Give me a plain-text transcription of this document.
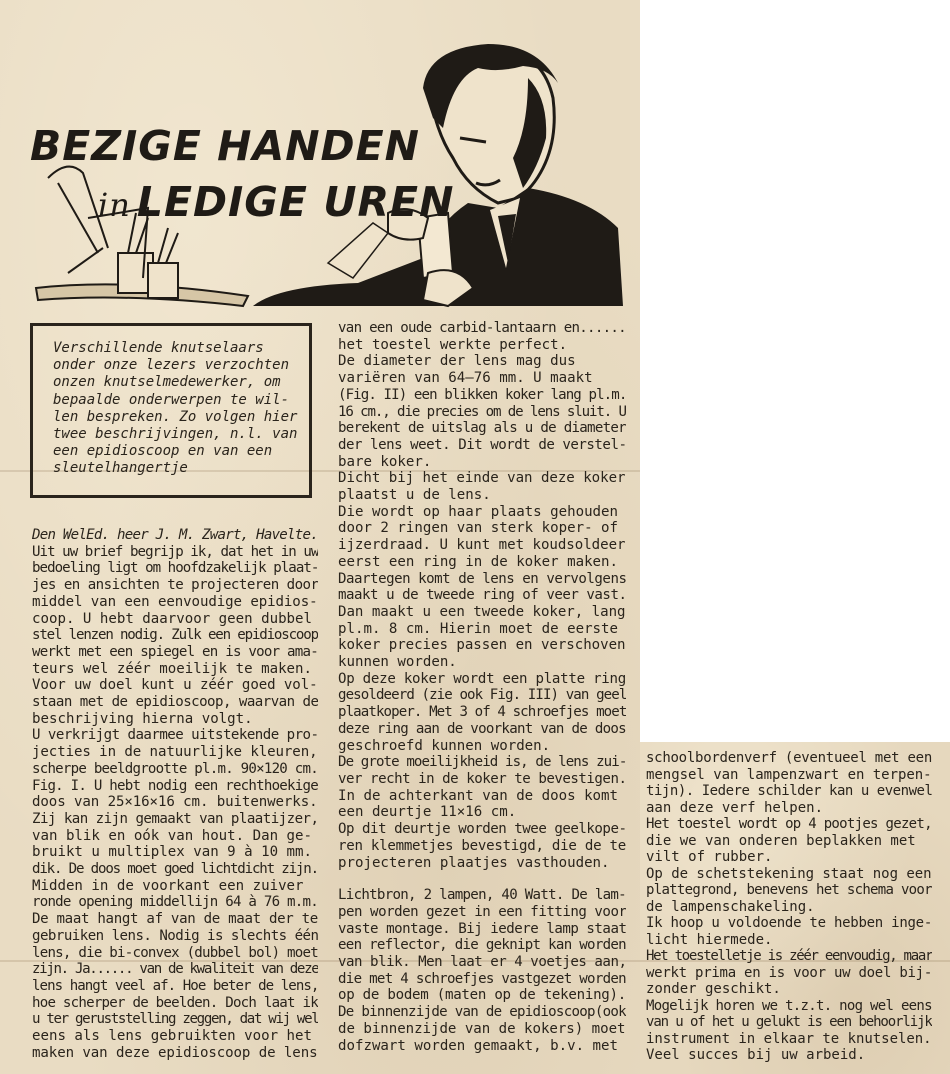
BEZIGE HANDEN
in LEDIGE UREN
Verschillende knutselaars
onder onze lezers verzochten
onzen knutselmedewerker, om
bepaalde onderwerpen te wil-
len bespreken. Zo volgen hier
twee beschrijvingen, n.l. van
een epidioscoop en van een
sleutelhangertje
Den WelEd. heer J. M. Zwart, Havelte.
Uit uw brief begrijp ik, dat het in uw
bedoeling ligt om hoofdzakelijk plaat-
jes en ansichten te projecteren door
middel van een eenvoudige epidios-
coop. U hebt daarvoor geen dubbel
stel lenzen nodig. Zulk een epidioscoop
werkt met een spiegel en is voor ama-
teurs wel zéér moeilijk te maken.
Voor uw doel kunt u zéér goed vol-
staan met de epidioscoop, waarvan de
beschrijving hierna volgt.
U verkrijgt daarmee uitstekende pro-
jecties in de natuurlijke kleuren,
scherpe beeldgrootte pl.m. 90×120 cm.
Fig. I. U hebt nodig een rechthoekige
doos van 25×16×16 cm. buitenwerks.
Zij kan zijn gemaakt van plaatijzer,
van blik en oók van hout. Dan ge-
bruikt u multiplex van 9 à 10 mm.
dik. De doos moet goed lichtdicht zijn.
Midden in de voorkant een zuiver
ronde opening middellijn 64 à 76 m.m.
De maat hangt af van de maat der te
gebruiken lens. Nodig is slechts één
lens, die bi-convex (dubbel bol) moet
zijn. Ja...... van de kwaliteit van deze
lens hangt veel af. Hoe beter de lens,
hoe scherper de beelden. Doch laat ik
u ter geruststelling zeggen, dat wij wel
eens als lens gebruikten voor het
maken van deze epidioscoop de lens
van een oude carbid-lantaarn en......
het toestel werkte perfect.
De diameter der lens mag dus
variëren van 64—76 mm. U maakt
(Fig. II) een blikken koker lang pl.m.
16 cm., die precies om de lens sluit. U
berekent de uitslag als u de diameter
der lens weet. Dit wordt de verstel-
bare koker.
Dicht bij het einde van deze koker
plaatst u de lens.
Die wordt op haar plaats gehouden
door 2 ringen van sterk koper- of
ijzerdraad. U kunt met koudsoldeer
eerst een ring in de koker maken.
Daartegen komt de lens en vervolgens
maakt u de tweede ring of veer vast.
Dan maakt u een tweede koker, lang
pl.m. 8 cm. Hierin moet de eerste
koker precies passen en verschoven
kunnen worden.
Op deze koker wordt een platte ring
gesoldeerd (zie ook Fig. III) van geel
plaatkoper. Met 3 of 4 schroefjes moet
deze ring aan de voorkant van de doos
geschroefd kunnen worden.
De grote moeilijkheid is, de lens zui-
ver recht in de koker te bevestigen.
In de achterkant van de doos komt
een deurtje 11×16 cm.
Op dit deurtje worden twee geelkope-
ren klemmetjes bevestigd, die de te
projecteren plaatjes vasthouden.
Lichtbron, 2 lampen, 40 Watt. De lam-
pen worden gezet in een fitting voor
vaste montage. Bij iedere lamp staat
een reflector, die geknipt kan worden
van blik. Men laat er 4 voetjes aan,
die met 4 schroefjes vastgezet worden
op de bodem (maten op de tekening).
De binnenzijde van de epidioscoop(ook
de binnenzijde van de kokers) moet
dofzwart worden gemaakt, b.v. met
schoolbordenverf (eventueel met een
mengsel van lampenzwart en terpen-
tijn). Iedere schilder kan u evenwel
aan deze verf helpen.
Het toestel wordt op 4 pootjes gezet,
die we van onderen beplakken met
vilt of rubber.
Op de schetstekening staat nog een
plattegrond, benevens het schema voor
de lampenschakeling.
Ik hoop u voldoende te hebben inge-
licht hiermede.
Het toestelletje is zéér eenvoudig, maar
werkt prima en is voor uw doel bij-
zonder geschikt.
Mogelijk horen we t.z.t. nog wel eens
van u of het u gelukt is een behoorlijk
instrument in elkaar te knutselen.
Veel succes bij uw arbeid.
